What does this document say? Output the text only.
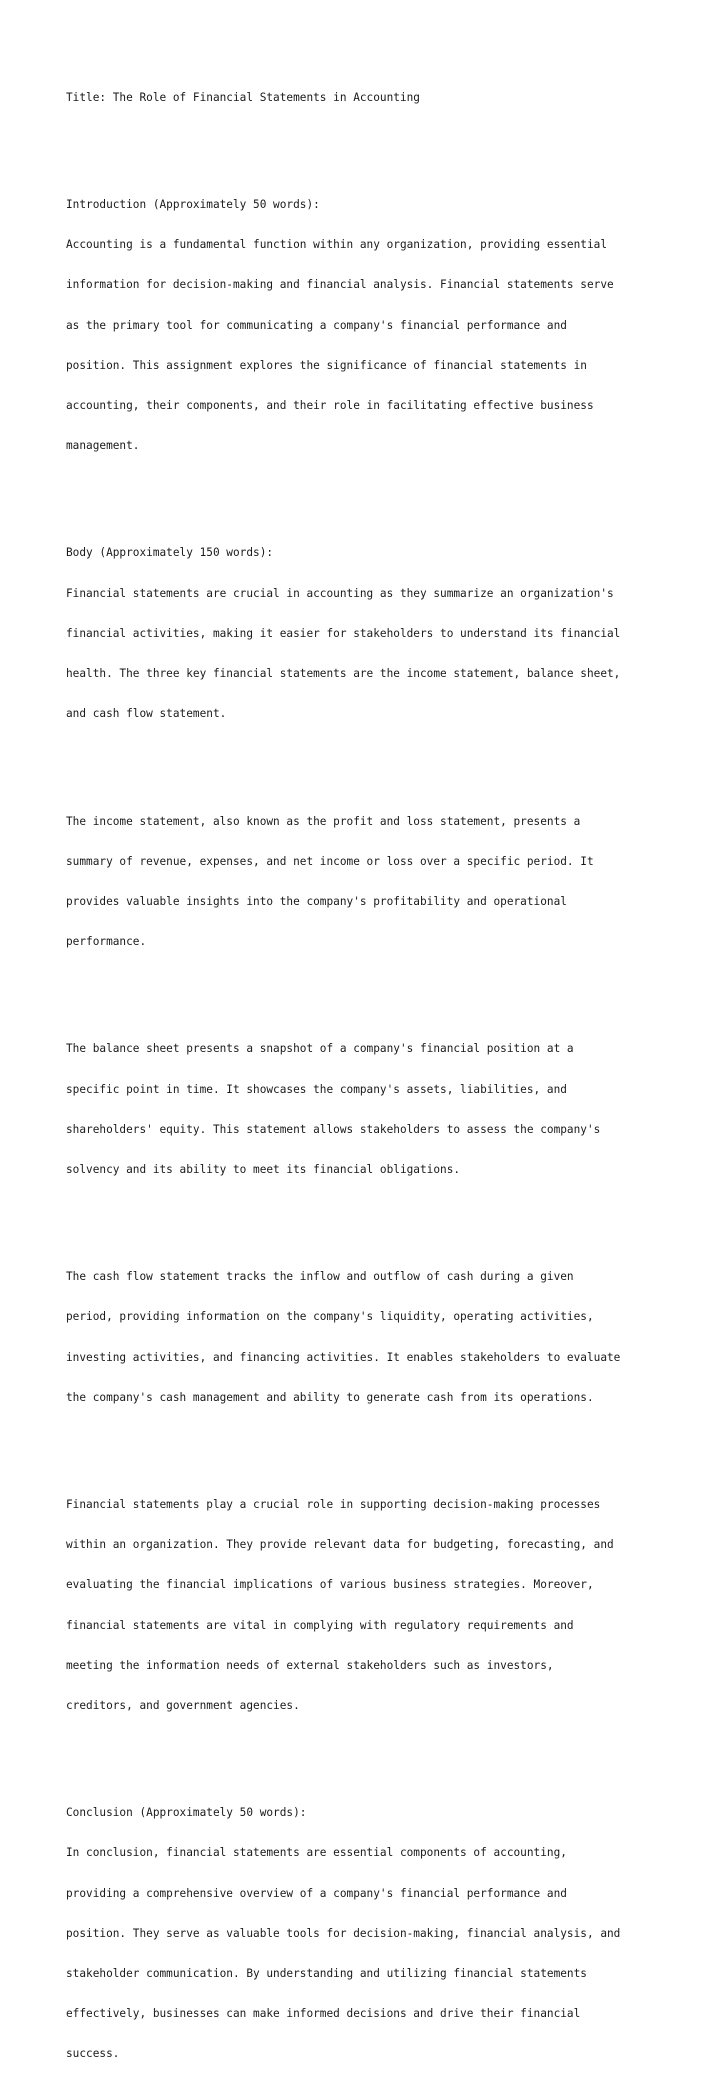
Title: The Role of Financial Statements in Accounting

Introduction (Approximately 50 words):

Accounting is a fundamental function within any organization, providing essential

information for decision-making and financial analysis. Financial statements serve

as the primary tool for communicating a company's financial performance and

position. This assignment explores the significance of financial statements in

accounting, their components, and their role in facilitating effective business

management.

Body (Approximately 150 words):

Financial statements are crucial in accounting as they summarize an organization's

financial activities, making it easier for stakeholders to understand its financial

health. The three key financial statements are the income statement, balance sheet,

and cash flow statement.

The income statement, also known as the profit and loss statement, presents a

summary of revenue, expenses, and net income or loss over a specific period. It

provides valuable insights into the company's profitability and operational

performance.

The balance sheet presents a snapshot of a company's financial position at a

specific point in time. It showcases the company's assets, liabilities, and

shareholders' equity. This statement allows stakeholders to assess the company's

solvency and its ability to meet its financial obligations.

The cash flow statement tracks the inflow and outflow of cash during a given

period, providing information on the company's liquidity, operating activities,

investing activities, and financing activities. It enables stakeholders to evaluate

the company's cash management and ability to generate cash from its operations.

Financial statements play a crucial role in supporting decision-making processes

within an organization. They provide relevant data for budgeting, forecasting, and

evaluating the financial implications of various business strategies. Moreover,

financial statements are vital in complying with regulatory requirements and

meeting the information needs of external stakeholders such as investors,

creditors, and government agencies.

Conclusion (Approximately 50 words):

In conclusion, financial statements are essential components of accounting,

providing a comprehensive overview of a company's financial performance and

position. They serve as valuable tools for decision-making, financial analysis, and

stakeholder communication. By understanding and utilizing financial statements

effectively, businesses can make informed decisions and drive their financial

success.
